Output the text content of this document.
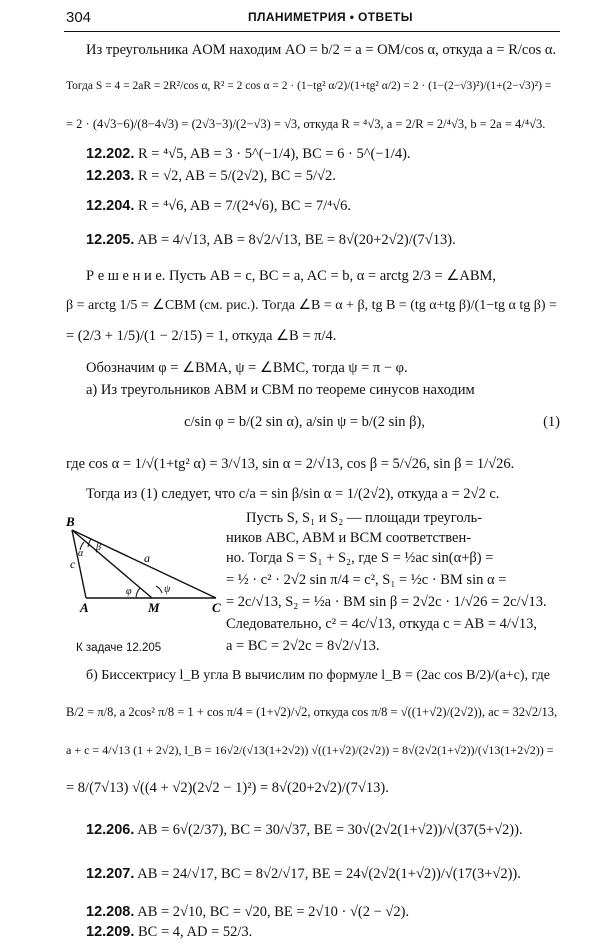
304	ПЛАНИМЕТРИЯ • ОТВЕТЫ
Из треугольника AOM находим AO = b/2 = a = OM/cos α, откуда a = R/cos α.
Тогда S = 4 = 2aR = 2R²/cos α, R² = 2 cos α = 2 · (1−tg² α/2)/(1+tg² α/2) = 2 · (1−(2−√3)²)/(1+(2−√3)²) =
= 2 · (4√3−6)/(8−4√3) = (2√3−3)/(2−√3) = √3, откуда R = ⁴√3, a = 2/R = 2/⁴√3, b = 2a = 4/⁴√3.
12.202. R = ⁴√5, AB = 3 · 5^(−1/4), BC = 6 · 5^(−1/4).
12.203. R = √2, AB = 5/(2√2), BC = 5/√2.
12.204. R = ⁴√6, AB = 7/(2⁴√6), BC = 7/⁴√6.
12.205. AB = 4/√13, AB = 8√2/√13, BE = 8√(20+2√2)/(7√13).
Р е ш е н и е. Пусть AB = c, BC = a, AC = b, α = arctg 2/3 = ∠ABM,
β = arctg 1/5 = ∠CBM (см. рис.). Тогда ∠B = α + β, tg B = (tg α+tg β)/(1−tg α tg β) =
= (2/3 + 1/5)/(1 − 2/15) = 1, откуда ∠B = π/4.
Обозначим φ = ∠BMA, ψ = ∠BMC, тогда ψ = π − φ.
а) Из треугольников ABM и CBM по теореме синусов находим
c/sin φ = b/(2 sin α), a/sin ψ = b/(2 sin β),	(1)
где cos α = 1/√(1+tg² α) = 3/√13, sin α = 2/√13, cos β = 5/√26, sin β = 1/√26.
Тогда из (1) следует, что c/a = sin β/sin α = 1/(2√2), откуда a = 2√2 c.
B
A	M	C
a
c
α
β
φ	ψ
К задаче 12.205
Пусть S, S₁ и S₂ — площади треуголь-
ников ABC, ABM и BCM соответствен-
но. Тогда S = S₁ + S₂, где S = ½ac sin(α+β) =
= ½ · c² · 2√2 sin π/4 = c², S₁ = ½c · BM sin α =
= 2c/√13, S₂ = ½a · BM sin β = 2√2c · 1/√26 = 2c/√13.
Следовательно, c² = 4c/√13, откуда c = AB = 4/√13,
a = BC = 2√2c = 8√2/√13.
б) Биссектрису l_B угла B вычислим по формуле l_B = (2ac cos B/2)/(a+c), где
B/2 = π/8, а 2cos² π/8 = 1 + cos π/4 = (1+√2)/√2, откуда cos π/8 = √((1+√2)/(2√2)), ac = 32√2/13,
a + c = 4/√13 (1 + 2√2), l_B = 16√2/(√13(1+2√2)) √((1+√2)/(2√2)) = 8√(2√2(1+√2))/(√13(1+2√2)) =
= 8/(7√13) √((4 + √2)(2√2 − 1)²) = 8√(20+2√2)/(7√13).
12.206. AB = 6√(2/37), BC = 30/√37, BE = 30√(2√2(1+√2))/√(37(5+√2)).
12.207. AB = 24/√17, BC = 8√2/√17, BE = 24√(2√2(1+√2))/√(17(3+√2)).
12.208. AB = 2√10, BC = √20, BE = 2√10 · √(2 − √2).
12.209. BC = 4, AD = 52/3.
